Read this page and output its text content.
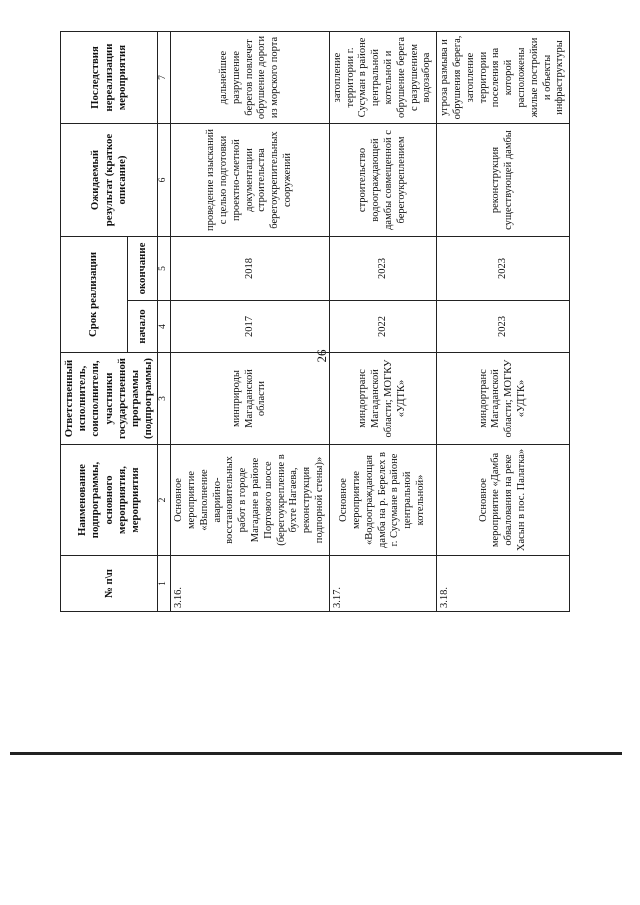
26
№ п\п	Наименование подпрограммы, основного мероприятия, мероприятия	Ответственный исполнитель, соисполнители, участники государственной программы (подпрограммы)	Срок реализации		Ожидаемый результат (краткое описание)	Последствия нереализации мероприятия
			начало	окончание		
1	2	3	4	5	6	7
3.16.	Основное мероприятие «Выполнение аварийно-восстановительных работ в городе Магадане в районе Портового шоссе (берегоукрепление в бухте Нагаева, реконструкция подпорной стены)»	минприроды Магаданской области	2017	2018	проведение изысканий с целью подготовки проектно-сметной документации строительства берегоукрепительных сооружений	дальнейшее разрушение берегов повлечет обрушение дороги из морского порта
3.17.	Основное мероприятие «Водоограждающая дамба на р. Берелех в г. Сусумане в районе центральной котельной»	миндортранс Магаданской области; МОГКУ «УДТК»	2022	2023	строительство водоограждающей дамбы совмещенной с берегоукреплением	затопление территории г. Сусуман в районе центральной котельной и обрушение берега с разрушением водозабора
3.18.	Основное мероприятие «Дамба обвалования на реке Хасын в пос. Палатка»	миндортранс Магаданской области; МОГКУ «УДТК»	2023	2023	реконструкция существующей дамбы	угроза размыва и обрушения берега, затопление территории поселения на которой расположены жилые постройки и объекты инфраструктуры
